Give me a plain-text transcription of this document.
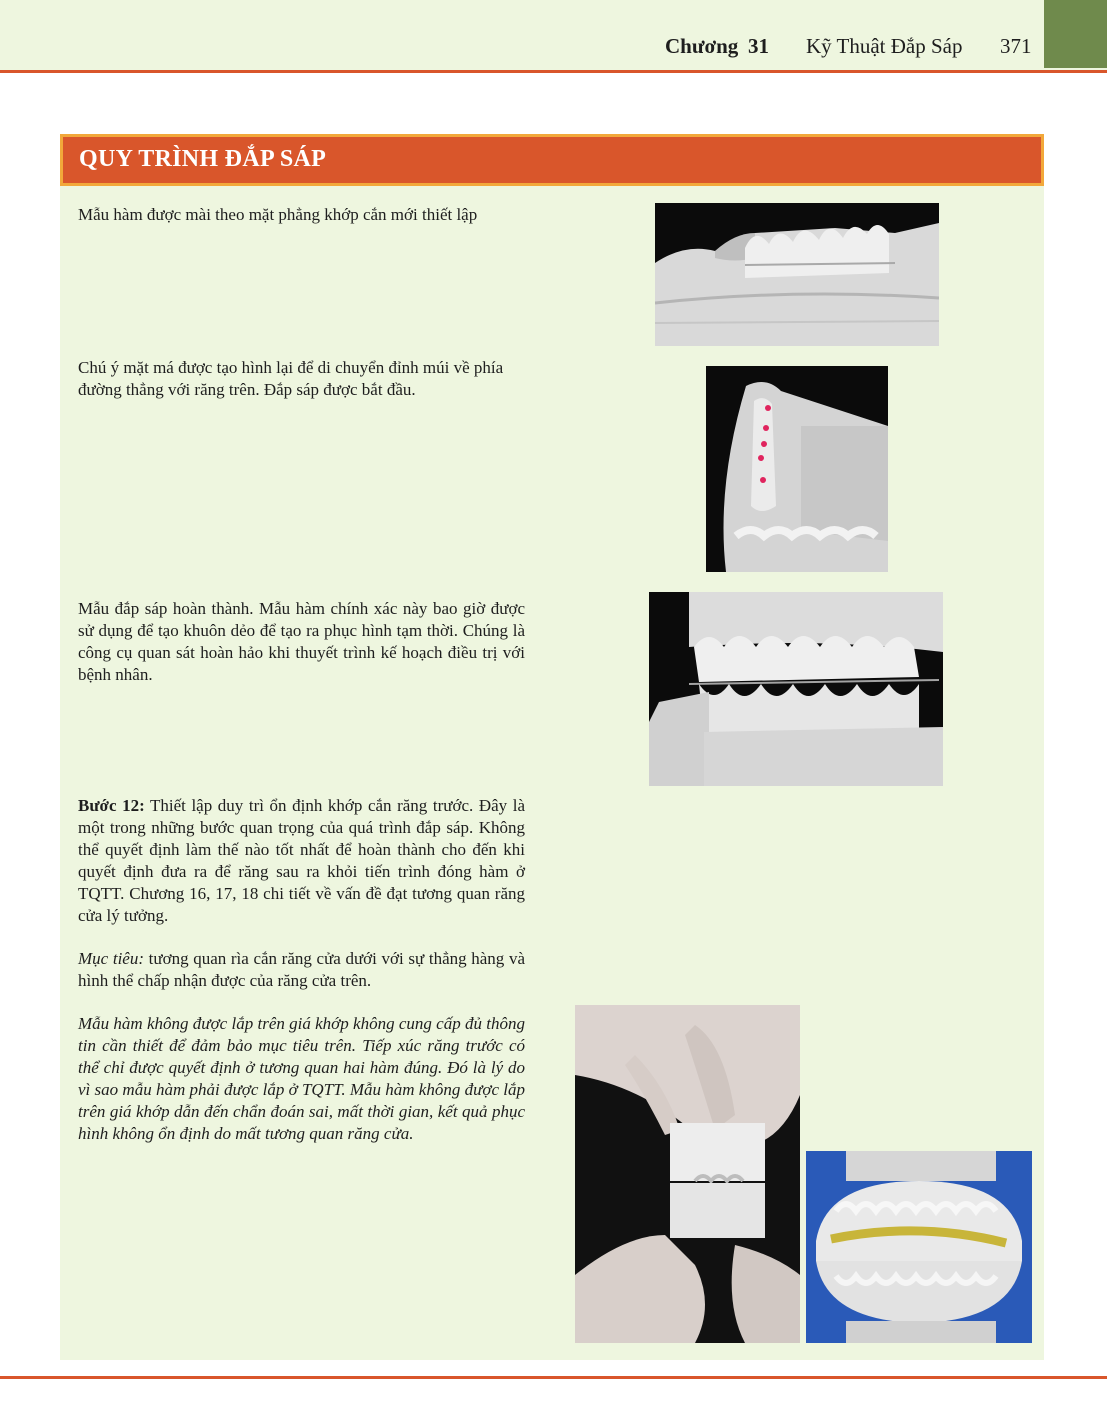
Chương 31 Kỹ Thuật Đắp Sáp 371
QUY TRÌNH ĐẮP SÁP

Mẫu hàm được mài theo mặt phẳng khớp cắn mới thiết lập

Chú ý mặt má được tạo hình lại để di chuyển đỉnh múi về phía đường thẳng với răng trên. Đắp sáp được bắt đầu.

Mẫu đắp sáp hoàn thành. Mẫu hàm chính xác này bao giờ được sử dụng để tạo khuôn dẻo để tạo ra phục hình tạm thời. Chúng là công cụ quan sát hoàn hảo khi thuyết trình kế hoạch điều trị với bệnh nhân.

Bước 12: Thiết lập duy trì ổn định khớp cắn răng trước. Đây là một trong những bước quan trọng của quá trình đắp sáp. Không thể quyết định làm thế nào tốt nhất để hoàn thành cho đến khi quyết định đưa ra để răng sau ra khỏi tiến trình đóng hàm ở TQTT. Chương 16, 17, 18 chi tiết về vấn đề đạt tương quan răng cửa lý tưởng.

Mục tiêu: tương quan rìa cắn răng cửa dưới với sự thẳng hàng và hình thể chấp nhận được của răng cửa trên.

Mẫu hàm không được lắp trên giá khớp không cung cấp đủ thông tin cần thiết để đảm bảo mục tiêu trên. Tiếp xúc răng trước có thể chỉ được quyết định ở tương quan hai hàm đúng. Đó là lý do vì sao mẫu hàm phải được lắp ở TQTT. Mẫu hàm không được lắp trên giá khớp dẫn đến chẩn đoán sai, mất thời gian, kết quả phục hình không ổn định do mất tương quan răng cửa.
